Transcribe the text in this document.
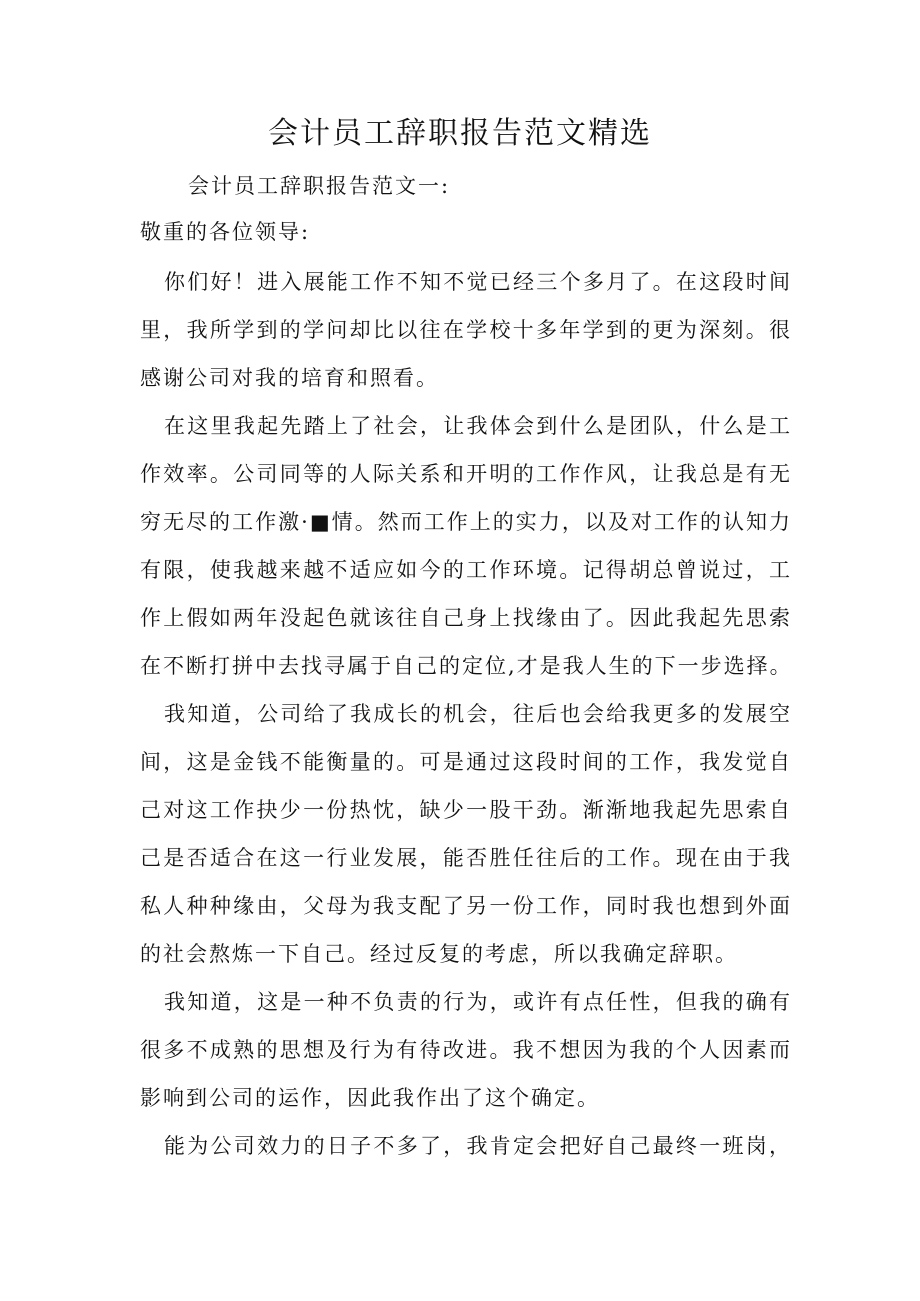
会计员工辞职报告范文精选

会计员工辞职报告范文一:

敬重的各位领导:

你们好！进入展能工作不知不觉已经三个多月了。在这段时间
里，我所学到的学问却比以往在学校十多年学到的更为深刻。很
感谢公司对我的培育和照看。

在这里我起先踏上了社会，让我体会到什么是团队，什么是工
作效率。公司同等的人际关系和开明的工作作风，让我总是有无
穷无尽的工作激·■情。然而工作上的实力，以及对工作的认知力
有限，使我越来越不适应如今的工作环境。记得胡总曾说过，工
作上假如两年没起色就该往自己身上找缘由了。因此我起先思索
在不断打拼中去找寻属于自己的定位,才是我人生的下一步选择。

我知道，公司给了我成长的机会，往后也会给我更多的发展空
间，这是金钱不能衡量的。可是通过这段时间的工作，我发觉自
己对这工作抉少一份热忱，缺少一股干劲。渐渐地我起先思索自
己是否适合在这一行业发展，能否胜任往后的工作。现在由于我
私人种种缘由，父母为我支配了另一份工作，同时我也想到外面
的社会熬炼一下自己。经过反复的考虑，所以我确定辞职。

我知道，这是一种不负责的行为，或许有点任性，但我的确有
很多不成熟的思想及行为有待改进。我不想因为我的个人因素而
影响到公司的运作，因此我作出了这个确定。

能为公司效力的日子不多了，我肯定会把好自己最终一班岗，
